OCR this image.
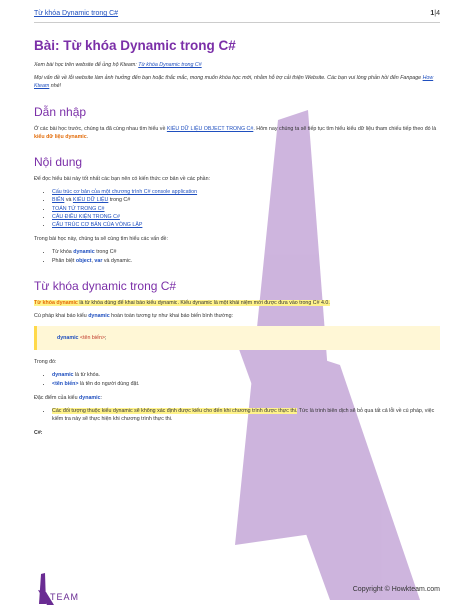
Từ khóa Dynamic trong C#	1|4
Bài: Từ khóa Dynamic trong C#

Xem bài học trên website để ủng hộ Kteam: Từ khóa Dynamic trong C#

Mọi vấn đề về lỗi website làm ảnh hưởng đến bạn hoặc thắc mắc, mong muốn khóa học mới, nhằm hỗ trợ cải thiện Website. Các bạn vui lòng phản hồi đến Fanpage How Kteam nhé!

Dẫn nhập

Ở các bài học trước, chúng ta đã cùng nhau tìm hiểu về KIỂU DỮ LIỆU OBJECT TRONG C#. Hôm nay chúng ta sẽ tiếp tục tìm hiểu kiểu dữ liệu tham chiếu tiếp theo đó là kiểu dữ liệu dynamic.

Nội dung

Để đọc hiểu bài này tốt nhất các bạn nên có kiến thức cơ bản về các phần:

• Cấu trúc cơ bản của một chương trình C# console application
• BIẾN và KIỂU DỮ LIỆU trong C#
• TOÁN TỬ TRONG C#
• CÂU ĐIỀU KIỆN TRONG C#
• CẤU TRÚC CƠ BẢN CỦA VÒNG LẶP

Trong bài học này, chúng ta sẽ cùng tìm hiểu các vấn đề:

• Từ khóa dynamic trong C#
• Phân biệt object, var và dynamic.
Từ khóa dynamic trong C#

Từ khóa dynamic là từ khóa dùng để khai báo kiểu dynamic. Kiểu dynamic là một khái niệm mới được đưa vào trong C# 4.0.

Cú pháp khai báo kiểu dynamic hoàn toàn tương tự như khai báo biến bình thường:

dynamic <tên biến>;

Trong đó:

• dynamic là từ khóa.
• <tên biến> là tên do người dùng đặt.

Đặc điểm của kiểu dynamic:

• Các đối tượng thuộc kiểu dynamic sẽ không xác định được kiểu cho đến khi chương trình được thực thi. Tức là trình biên dịch sẽ bỏ qua tất cả lỗi về cú pháp, việc kiểm tra này sẽ thực hiện khi chương trình thực thi.

C#:

TEAM
Copyright © Howkteam.com
